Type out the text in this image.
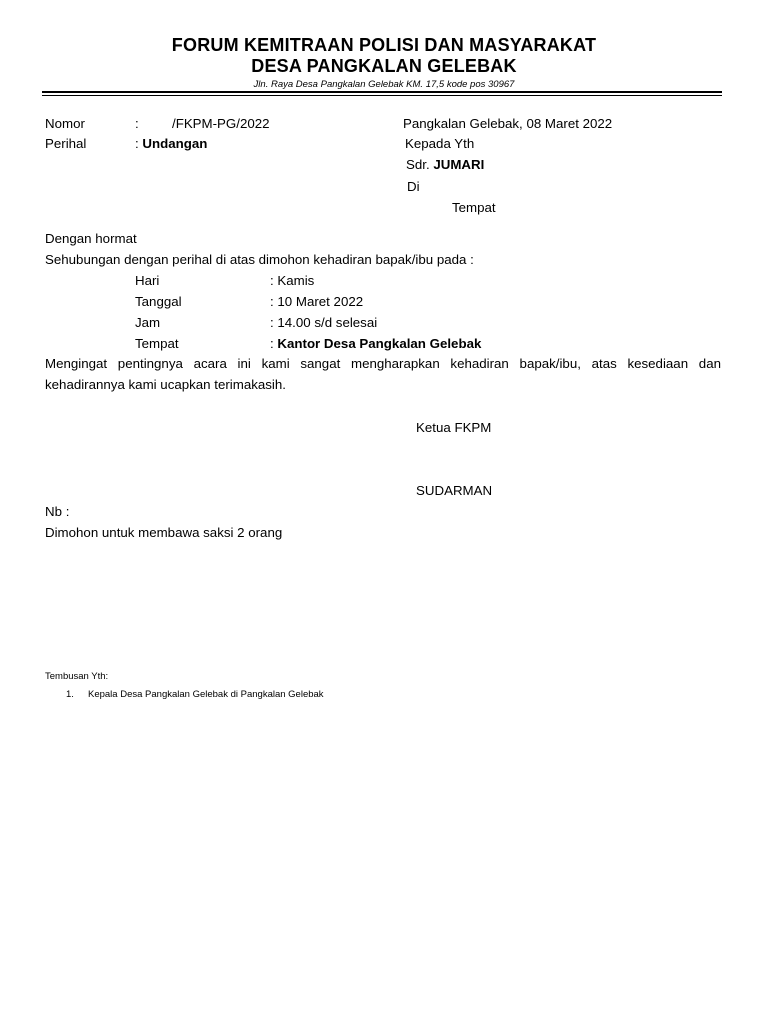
FORUM KEMITRAAN POLISI DAN MASYARAKAT
DESA PANGKALAN GELEBAK
Jln. Raya Desa Pangkalan Gelebak KM. 17,5 kode pos 30967
Nomor	:	/FKPM-PG/2022	Pangkalan Gelebak, 08 Maret 2022
Perihal	: Undangan	Kepada Yth
Sdr. JUMARI
Di
Tempat
Dengan hormat
Sehubungan dengan perihal di atas dimohon kehadiran bapak/ibu pada :
Hari	: Kamis
Tanggal	: 10 Maret 2022
Jam	: 14.00 s/d selesai
Tempat	: Kantor Desa Pangkalan Gelebak
Mengingat pentingnya acara ini kami sangat mengharapkan kehadiran bapak/ibu, atas kesediaan dan kehadirannya kami ucapkan terimakasih.
Ketua FKPM
SUDARMAN
Nb :
Dimohon untuk membawa saksi 2 orang
Tembusan Yth:
1. Kepala Desa Pangkalan Gelebak di Pangkalan Gelebak
